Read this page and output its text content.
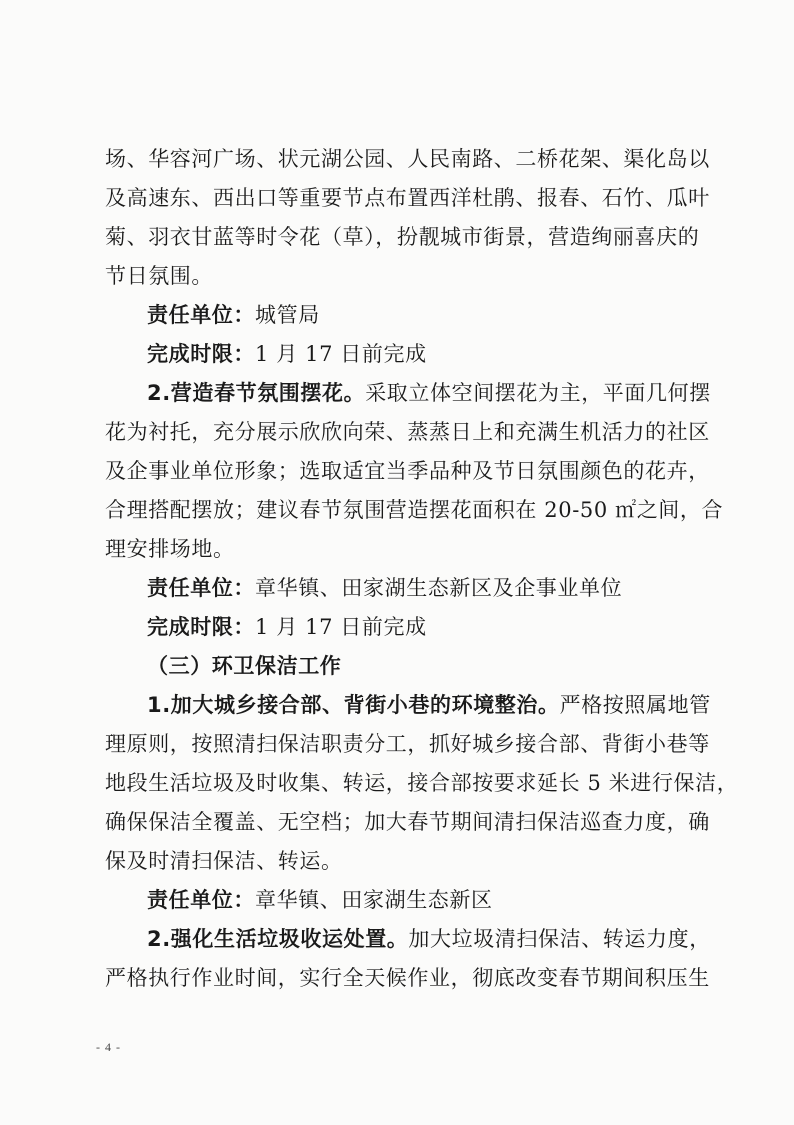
场、华容河广场、状元湖公园、人民南路、二桥花架、渠化岛以
及高速东、西出口等重要节点布置西洋杜鹃、报春、石竹、瓜叶
菊、羽衣甘蓝等时令花（草），扮靓城市街景，营造绚丽喜庆的
节日氛围。
责任单位：城管局
完成时限：1 月 17 日前完成
2.营造春节氛围摆花。采取立体空间摆花为主，平面几何摆
花为衬托，充分展示欣欣向荣、蒸蒸日上和充满生机活力的社区
及企事业单位形象；选取适宜当季品种及节日氛围颜色的花卉，
合理搭配摆放；建议春节氛围营造摆花面积在 20-50 ㎡之间，合
理安排场地。
责任单位：章华镇、田家湖生态新区及企事业单位
完成时限：1 月 17 日前完成
（三）环卫保洁工作
1.加大城乡接合部、背街小巷的环境整治。严格按照属地管
理原则，按照清扫保洁职责分工，抓好城乡接合部、背街小巷等
地段生活垃圾及时收集、转运，接合部按要求延长 5 米进行保洁，
确保保洁全覆盖、无空档；加大春节期间清扫保洁巡查力度，确
保及时清扫保洁、转运。
责任单位：章华镇、田家湖生态新区
2.强化生活垃圾收运处置。加大垃圾清扫保洁、转运力度，
严格执行作业时间，实行全天候作业，彻底改变春节期间积压生
- 4 -
